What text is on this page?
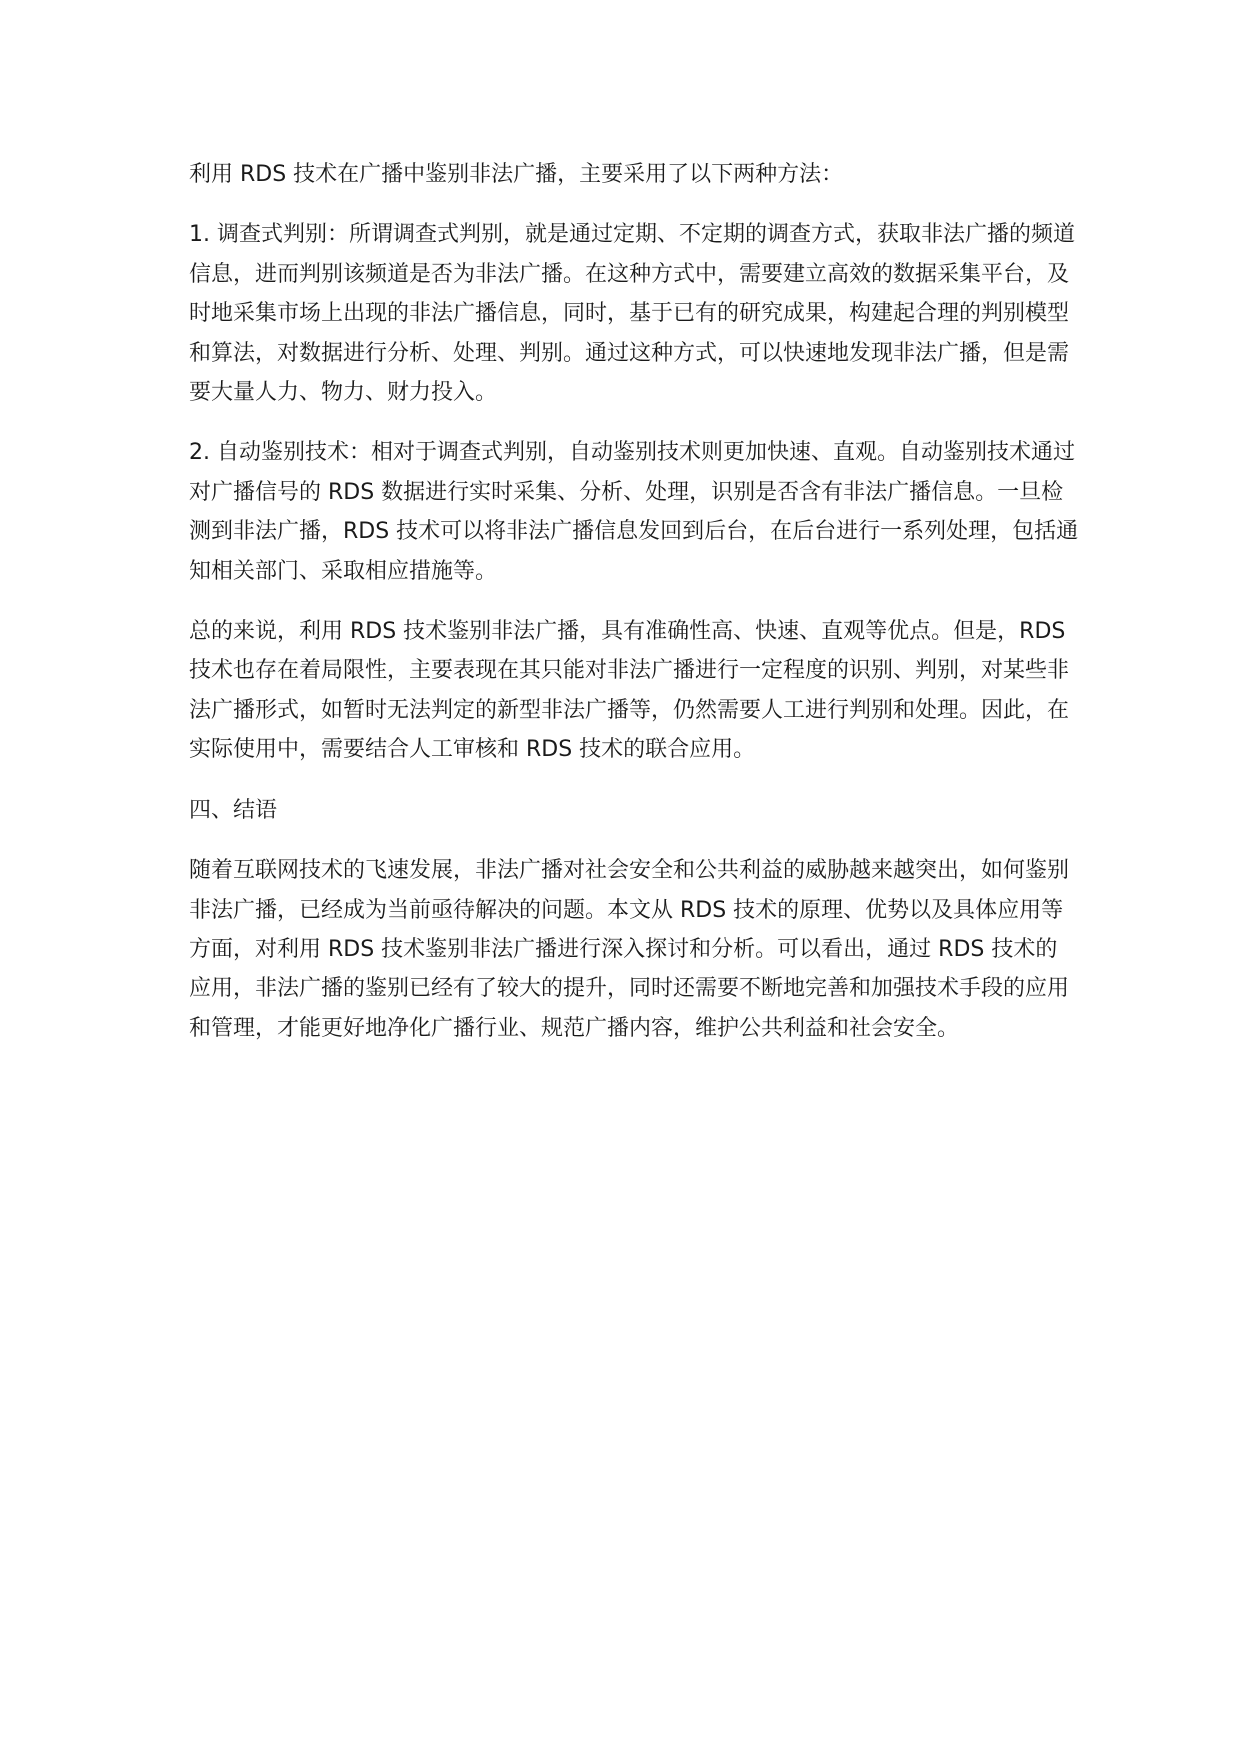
利用 RDS 技术在广播中鉴别非法广播，主要采用了以下两种方法：

1. 调查式判别：所谓调查式判别，就是通过定期、不定期的调查方式，获取非法广播的频道信息，进而判别该频道是否为非法广播。在这种方式中，需要建立高效的数据采集平台，及时地采集市场上出现的非法广播信息，同时，基于已有的研究成果，构建起合理的判别模型和算法，对数据进行分析、处理、判别。通过这种方式，可以快速地发现非法广播，但是需要大量人力、物力、财力投入。

2. 自动鉴别技术：相对于调查式判别，自动鉴别技术则更加快速、直观。自动鉴别技术通过对广播信号的 RDS 数据进行实时采集、分析、处理，识别是否含有非法广播信息。一旦检测到非法广播，RDS 技术可以将非法广播信息发回到后台，在后台进行一系列处理，包括通知相关部门、采取相应措施等。

总的来说，利用 RDS 技术鉴别非法广播，具有准确性高、快速、直观等优点。但是，RDS 技术也存在着局限性，主要表现在其只能对非法广播进行一定程度的识别、判别，对某些非法广播形式，如暂时无法判定的新型非法广播等，仍然需要人工进行判别和处理。因此，在实际使用中，需要结合人工审核和 RDS 技术的联合应用。

四、结语

随着互联网技术的飞速发展，非法广播对社会安全和公共利益的威胁越来越突出，如何鉴别非法广播，已经成为当前亟待解决的问题。本文从 RDS 技术的原理、优势以及具体应用等方面，对利用 RDS 技术鉴别非法广播进行深入探讨和分析。可以看出，通过 RDS 技术的应用，非法广播的鉴别已经有了较大的提升，同时还需要不断地完善和加强技术手段的应用和管理，才能更好地净化广播行业、规范广播内容，维护公共利益和社会安全。
